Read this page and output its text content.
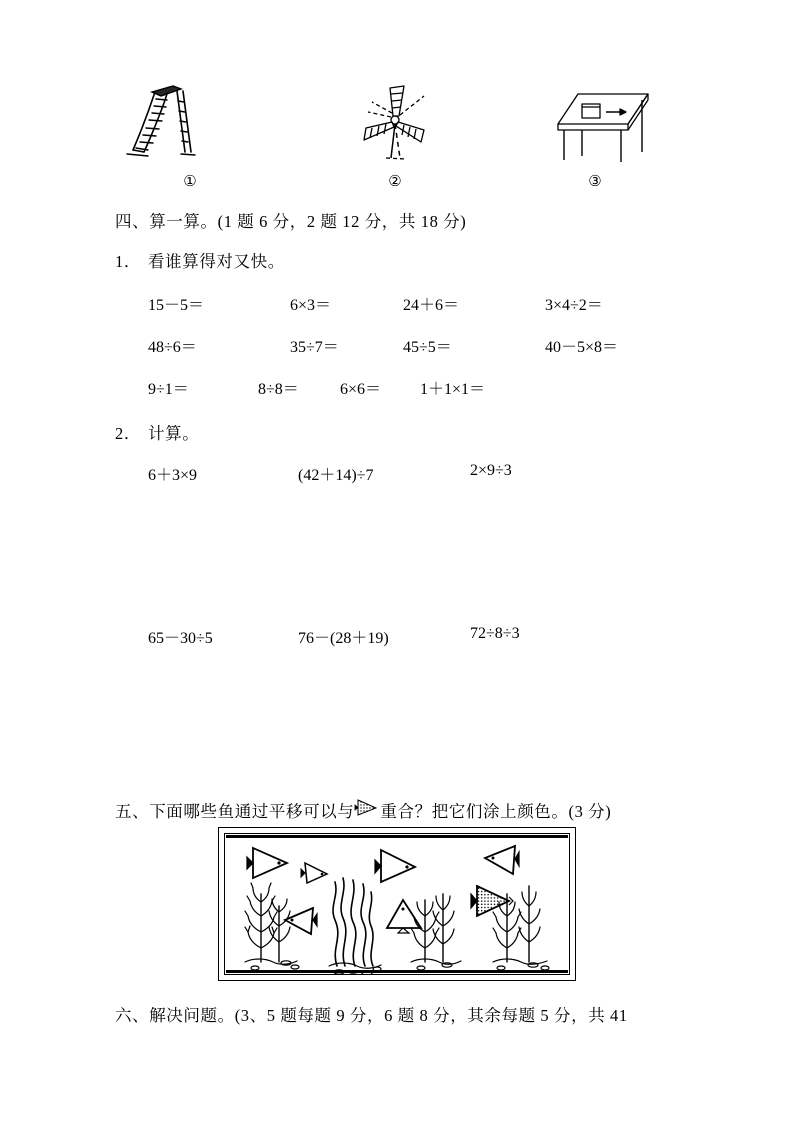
①	②	③
四、算一算。(1 题 6 分，2 题 12 分，共 18 分)
1． 看谁算得对又快。
15－5＝	6×3＝	24＋6＝	3×4÷2＝
48÷6＝	35÷7＝	45÷5＝	40－5×8＝
9÷1＝	8÷8＝	6×6＝ 1＋1×1＝
2． 计算。
6＋3×9	(42＋14)÷7	2×9÷3
65－30÷5	76－(28＋19)	72÷8÷3
五、下面哪些鱼通过平移可以与 重合？把它们涂上颜色。(3 分)
六、解决问题。(3、5 题每题 9 分，6 题 8 分，其余每题 5 分，共 41
